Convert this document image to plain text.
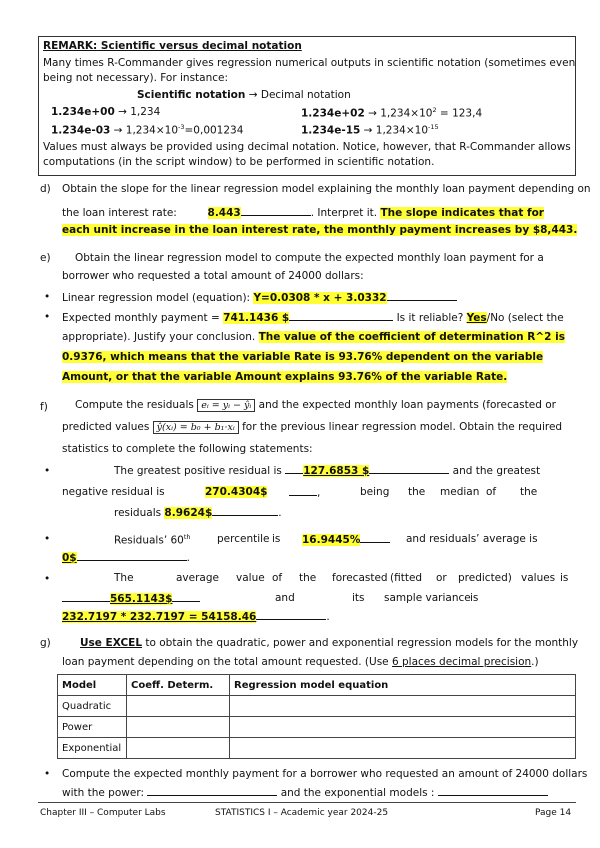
REMARK: Scientific versus decimal notation
Many times R-Commander gives regression numerical outputs in scientific notation (sometimes even
being not necessary). For instance:
Scientific notation → Decimal notation
1.234e+00 → 1,234	$1.234e+02 \to 1,234\times 10^2 = 123,4$
$1.234e-03 \to 1,234\times 10^{-3}=0,001234$	$1.234e-15 \to 1,234\times 10^{-15}$
Values must always be provided using decimal notation. Notice, however, that R-Commander allows
computations (in the script window) to be performed in scientific notation.
d) Obtain the slope for the linear regression model explaining the monthly loan payment depending on
the loan interest rate:	8.443	. Interpret it. The slope indicates that for
each unit increase in the loan interest rate, the monthly payment increases by $8,443.
e) Obtain the linear regression model to compute the expected monthly loan payment for a
borrower who requested a total amount of 24000 dollars:
• Linear regression model (equation): Y=0.0308 * x + 3.0332
• Expected monthly payment = 741.1436 $	Is it reliable? Yes/No (select the
appropriate). Justify your conclusion. The value of the coefficient of determination R^2 is
0.9376, which means that the variable Rate is 93.76% dependent on the variable
Amount, or that the variable Amount explains 93.76% of the variable Rate.
f)	Compute the residuals eᵢ = yᵢ − ŷᵢ and the expected monthly loan payments (forecasted or
predicted values ŷ(xᵢ) = b₀ + b₁·xᵢ for the previous linear regression model. Obtain the required
statistics to complete the following statements:
•	The greatest positive residual is 127.6853 $	and the greatest
negative residual is	270.4304$	,	being the median of the
residuals 8.9624$	.
•	Residuals’ 60th	percentile is 16.9445%	and residuals’ average is
0$	.
•	The	average value of the forecasted (fitted or predicted) values is
565.1143$	and	its sample variance is
232.7197 * 232.7197 = 54158.46	.
g)	Use EXCEL to obtain the quadratic, power and exponential regression models for the monthly
loan payment depending on the total amount requested. (Use 6 places decimal precision.)
Model	Coeff. Determ.	Regression model equation
Quadratic		
Power		
Exponential		
• Compute the expected monthly payment for a borrower who requested an amount of 24000 dollars
with the power:	and the exponential models :
Chapter III – Computer Labs	STATISTICS I – Academic year 2024-25	Page 14
